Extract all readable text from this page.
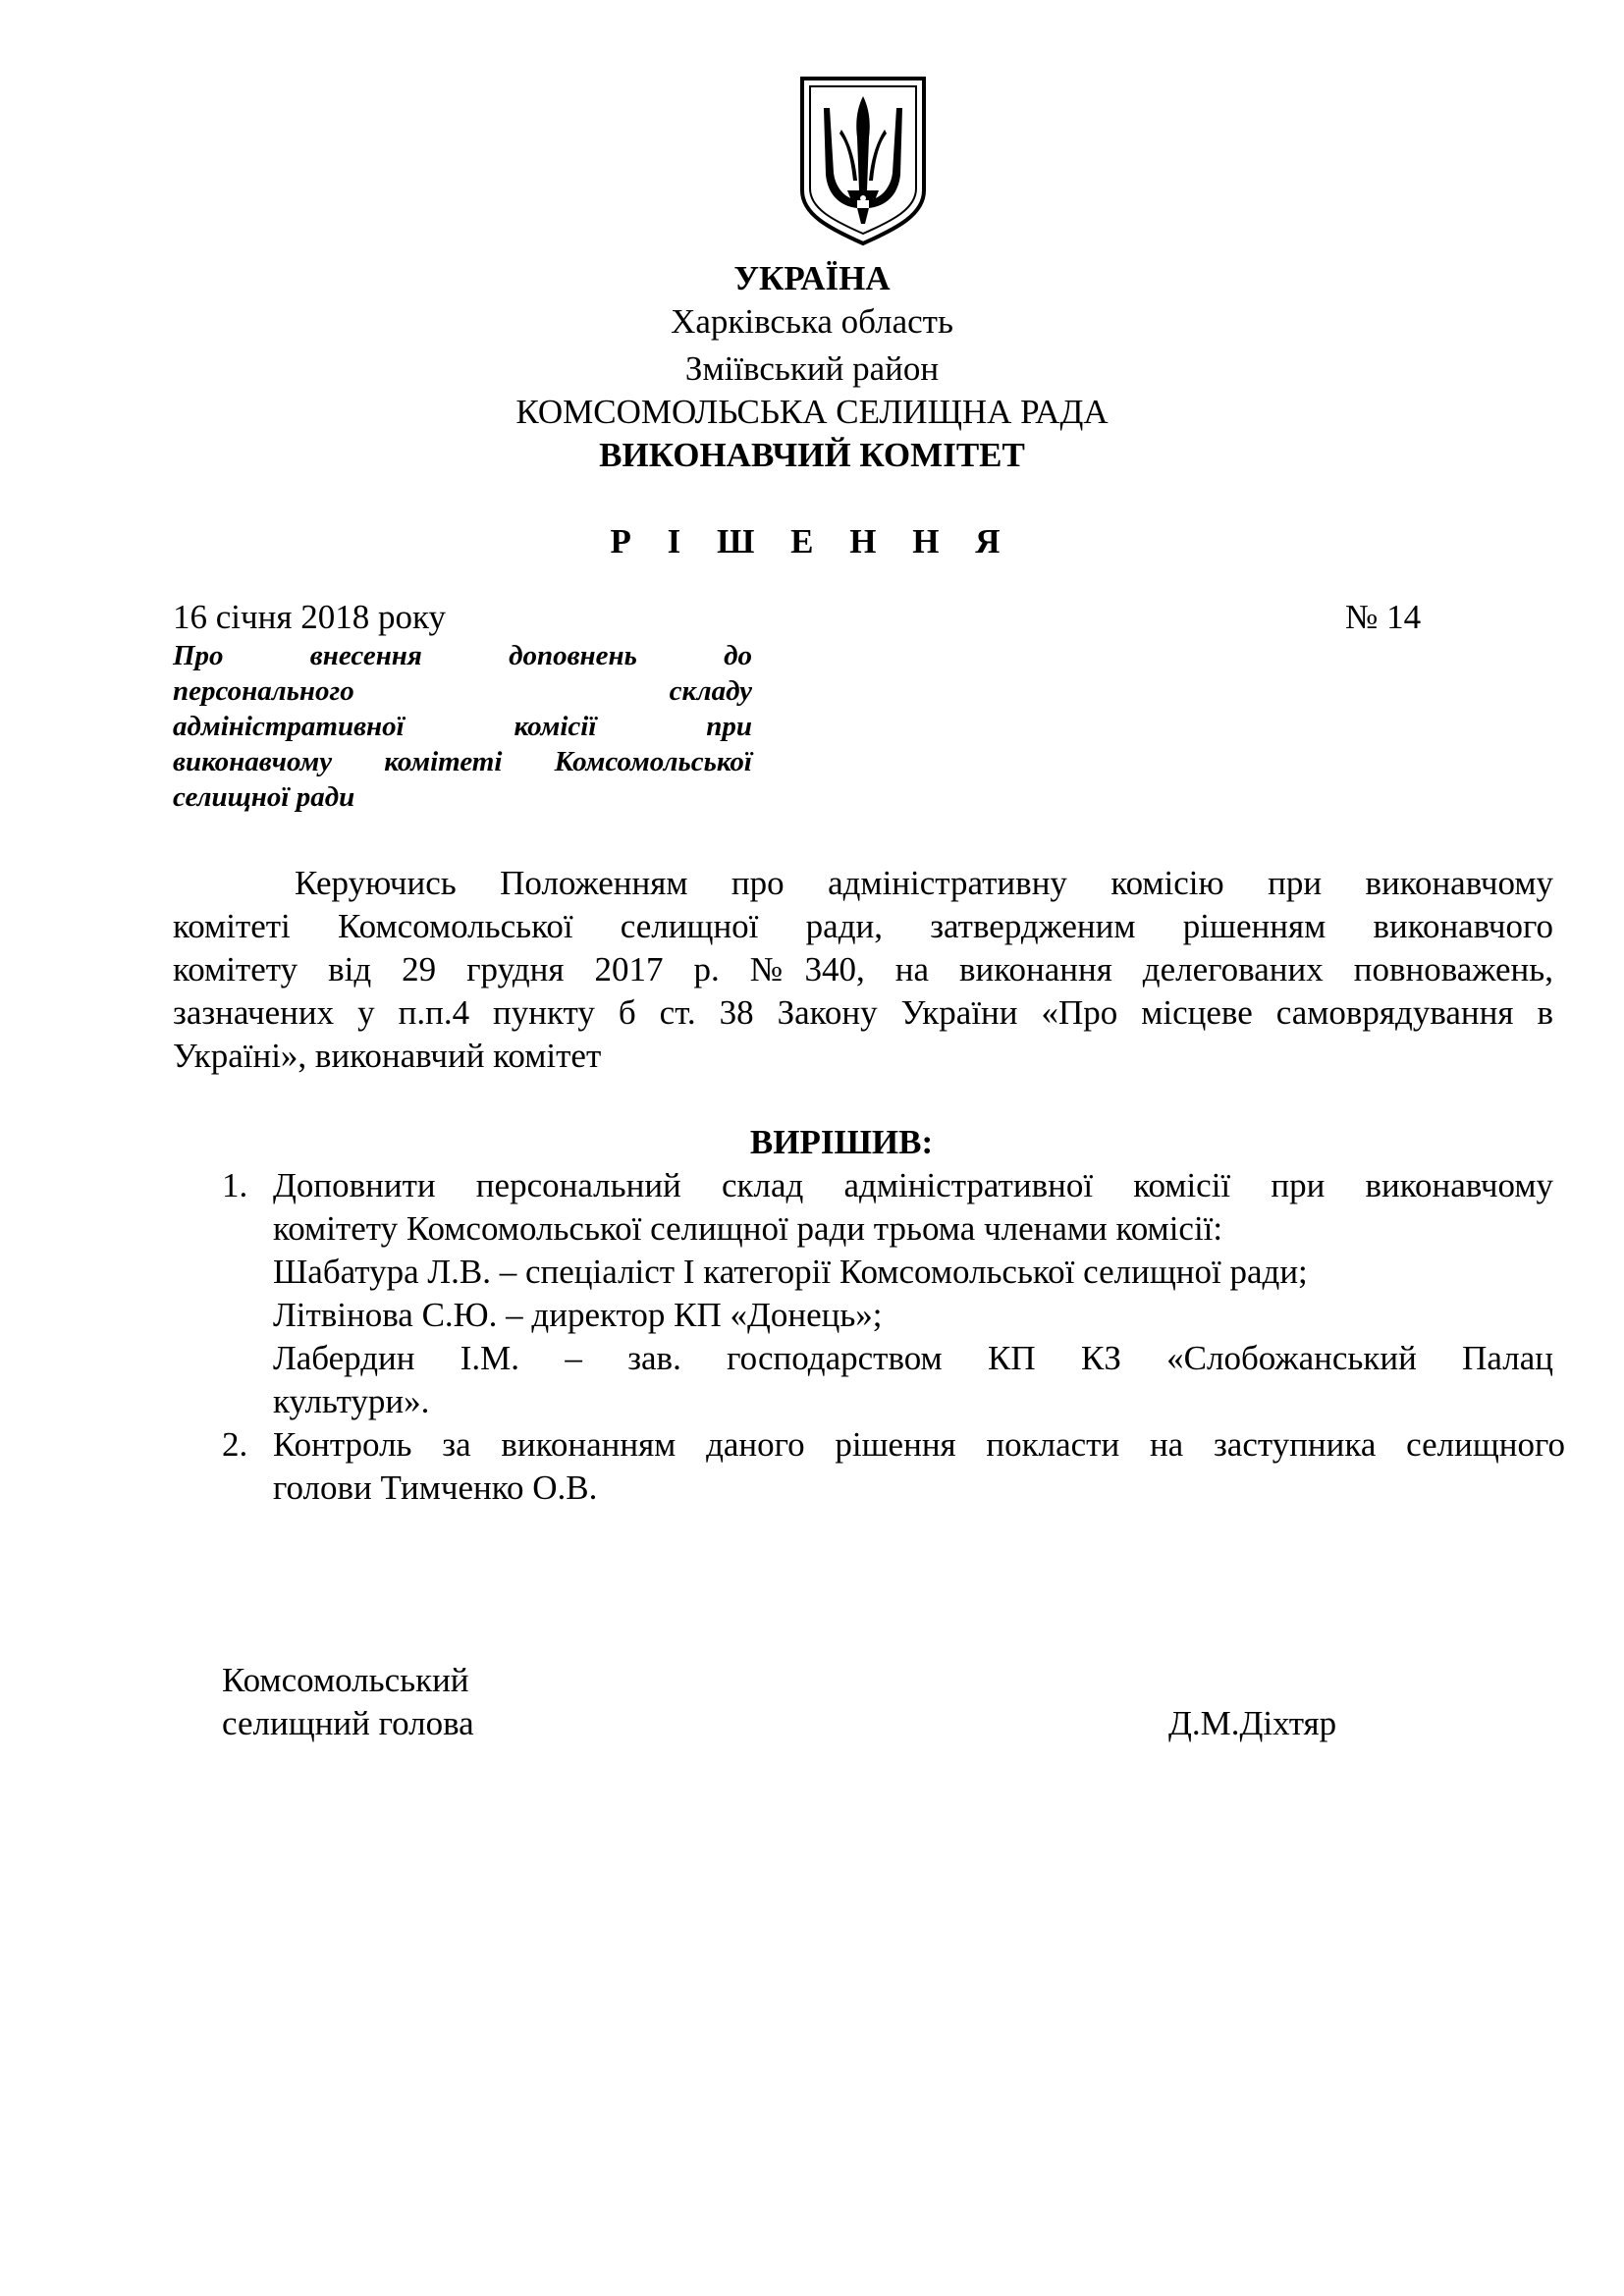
УКРАЇНА
Харківська область
Зміївський район
КОМСОМОЛЬСЬКА СЕЛИЩНА РАДА
ВИКОНАВЧИЙ КОМІТЕТ
Р І Ш Е Н Н Я
16 січня 2018 року	№ 14
Про внесення доповнень до
персонального складу
адміністративної комісії при
виконавчому комітеті Комсомольської
селищної ради
Керуючись Положенням про адміністративну комісію при виконавчому
комітеті Комсомольської селищної ради, затвердженим рішенням виконавчого
комітету від 29 грудня 2017 р. №340, на виконання делегованих повноважень,
зазначених у п.п.4 пункту б ст. 38 Закону України «Про місцеве самоврядування в
Україні», виконавчий комітет
ВИРІШИВ:
1. Доповнити персональний склад адміністративної комісії при виконавчому
комітету Комсомольської селищної ради трьома членами комісії:
Шабатура Л.В. – спеціаліст І категорії Комсомольської селищної ради;
Літвінова С.Ю. – директор КП «Донець»;
Лабердин І.М. – зав. господарством КП КЗ «Слобожанський Палац
культури».
2. Контроль за виконанням даного рішення покласти на заступника селищного
голови Тимченко О.В.
Комсомольський
селищний голова	Д.М.Діхтяр
